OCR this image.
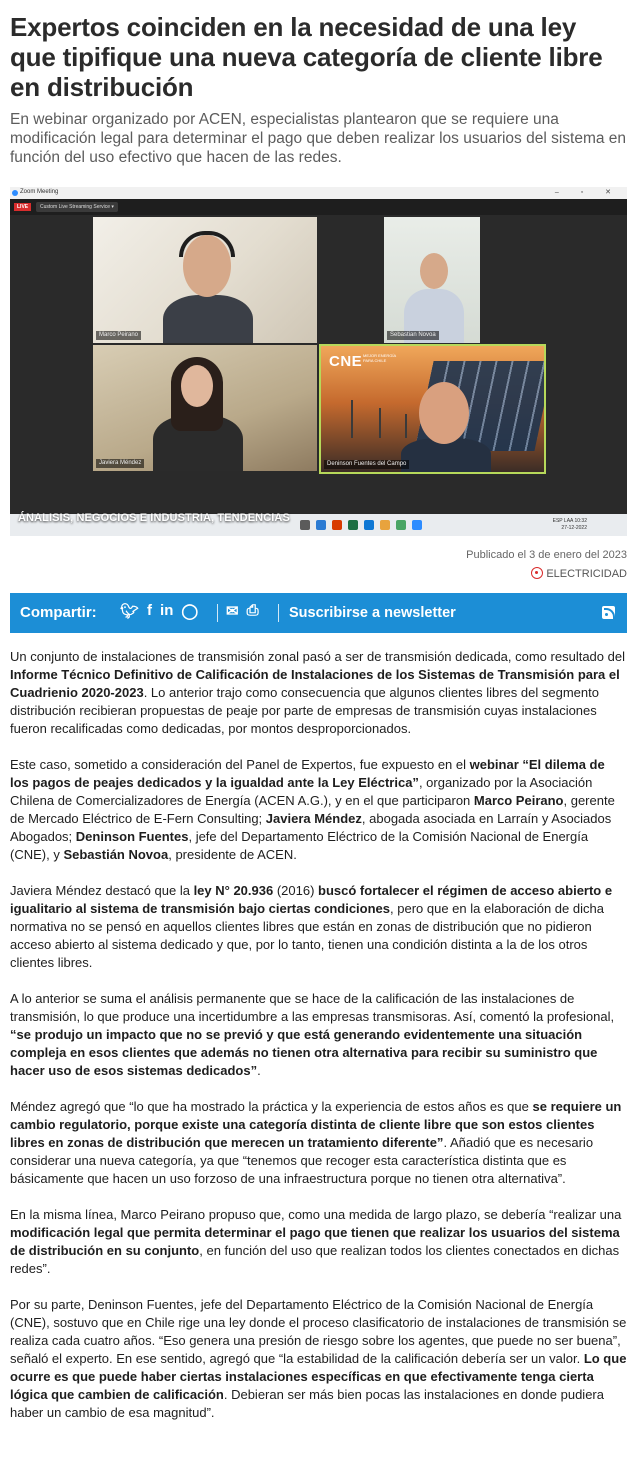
Expertos coinciden en la necesidad de una ley que tipifique una nueva categoría de cliente libre en distribución

En webinar organizado por ACEN, especialistas plantearon que se requiere una modificación legal para determinar el pago que deben realizar los usuarios del sistema en función del uso efectivo que hacen de las redes.

Zoom Meeting	– ▫ ✕
LIVE	Custom Live Streaming Service ▾
Marco Peirano	Sebastian Novoa
Javiera Méndez
CNE MEJOR ENERGÍA PARA CHILE
Deninson Fuentes del Campo
ESP LAA 10:32
27-12-2022
ÁNALISIS, NEGOCIOS E INDUSTRIA, TENDENCIAS
Publicado el 3 de enero del 2023
ELECTRICIDAD
Compartir: 🐦︎ f in ◯ ✉ ⎙ Suscribirse a newsletter

Un conjunto de instalaciones de transmisión zonal pasó a ser de transmisión dedicada, como resultado del Informe Técnico Definitivo de Calificación de Instalaciones de los Sistemas de Transmisión para el Cuadrienio 2020-2023. Lo anterior trajo como consecuencia que algunos clientes libres del segmento distribución recibieran propuestas de peaje por parte de empresas de transmisión cuyas instalaciones fueron recalificadas como dedicadas, por montos desproporcionados.

Este caso, sometido a consideración del Panel de Expertos, fue expuesto en el webinar “El dilema de los pagos de peajes dedicados y la igualdad ante la Ley Eléctrica”, organizado por la Asociación Chilena de Comercializadores de Energía (ACEN A.G.), y en el que participaron Marco Peirano, gerente de Mercado Eléctrico de E-Fern Consulting; Javiera Méndez, abogada asociada en Larraín y Asociados Abogados; Deninson Fuentes, jefe del Departamento Eléctrico de la Comisión Nacional de Energía (CNE), y Sebastián Novoa, presidente de ACEN.

Javiera Méndez destacó que la ley N° 20.936 (2016) buscó fortalecer el régimen de acceso abierto e igualitario al sistema de transmisión bajo ciertas condiciones, pero que en la elaboración de dicha normativa no se pensó en aquellos clientes libres que están en zonas de distribución que no pidieron acceso abierto al sistema dedicado y que, por lo tanto, tienen una condición distinta a la de los otros clientes libres.

A lo anterior se suma el análisis permanente que se hace de la calificación de las instalaciones de transmisión, lo que produce una incertidumbre a las empresas transmisoras. Así, comentó la profesional, “se produjo un impacto que no se previó y que está generando evidentemente una situación compleja en esos clientes que además no tienen otra alternativa para recibir su suministro que hacer uso de esos sistemas dedicados”.

Méndez agregó que “lo que ha mostrado la práctica y la experiencia de estos años es que se requiere un cambio regulatorio, porque existe una categoría distinta de cliente libre que son estos clientes libres en zonas de distribución que merecen un tratamiento diferente”. Añadió que es necesario considerar una nueva categoría, ya que “tenemos que recoger esta característica distinta que es básicamente que hacen un uso forzoso de una infraestructura porque no tienen otra alternativa”.

En la misma línea, Marco Peirano propuso que, como una medida de largo plazo, se debería “realizar una modificación legal que permita determinar el pago que tienen que realizar los usuarios del sistema de distribución en su conjunto, en función del uso que realizan todos los clientes conectados en dichas redes”.

Por su parte, Deninson Fuentes, jefe del Departamento Eléctrico de la Comisión Nacional de Energía (CNE), sostuvo que en Chile rige una ley donde el proceso clasificatorio de instalaciones de transmisión se realiza cada cuatro años. “Eso genera una presión de riesgo sobre los agentes, que puede no ser buena”, señaló el experto. En ese sentido, agregó que “la estabilidad de la calificación debería ser un valor. Lo que ocurre es que puede haber ciertas instalaciones específicas en que efectivamente tenga cierta lógica que cambien de calificación. Debieran ser más bien pocas las instalaciones en donde pudiera haber un cambio de esa magnitud”.
